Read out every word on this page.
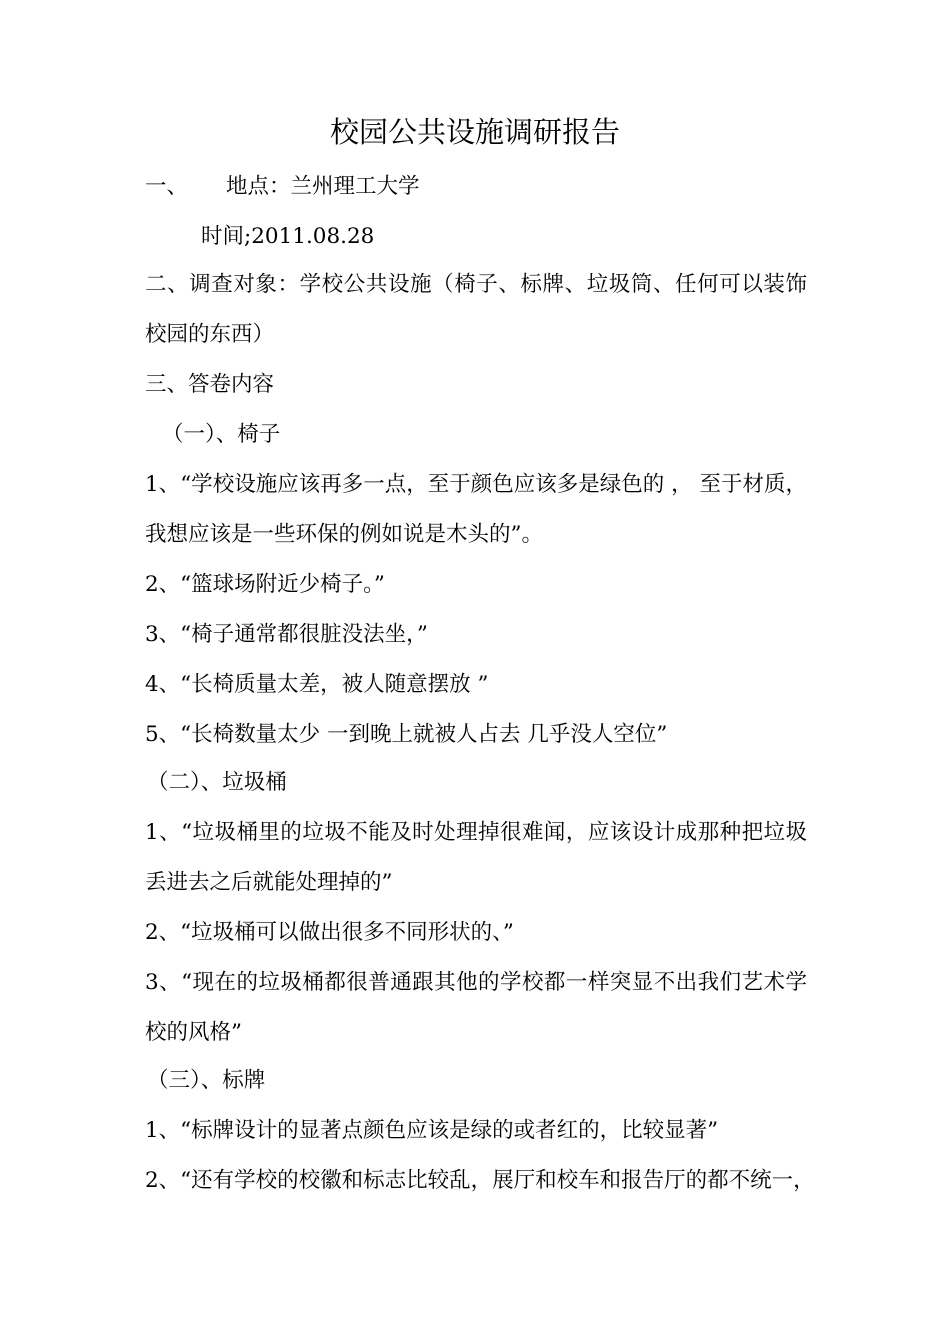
校园公共设施调研报告
一、 地点：兰州理工大学
时间;2011.08.28
二、调查对象：学校公共设施（椅子、标牌、垃圾筒、任何可以装饰
校园的东西）
三、答卷内容
（一）、椅子
1、“学校设施应该再多一点，至于颜色应该多是绿色的 ， 至于材质，
我想应该是一些环保的例如说是木头的”。
2、“篮球场附近少椅子。”
3、“椅子通常都很脏没法坐，”
4、“长椅质量太差，被人随意摆放 ”
5、“长椅数量太少 一到晚上就被人占去 几乎没人空位”
（二）、垃圾桶
1、“垃圾桶里的垃圾不能及时处理掉很难闻，应该设计成那种把垃圾
丢进去之后就能处理掉的”
2、“垃圾桶可以做出很多不同形状的、”
3、“现在的垃圾桶都很普通跟其他的学校都一样突显不出我们艺术学
校的风格”
（三）、标牌
1、“标牌设计的显著点颜色应该是绿的或者红的，比较显著”
2、“还有学校的校徽和标志比较乱，展厅和校车和报告厅的都不统一，
